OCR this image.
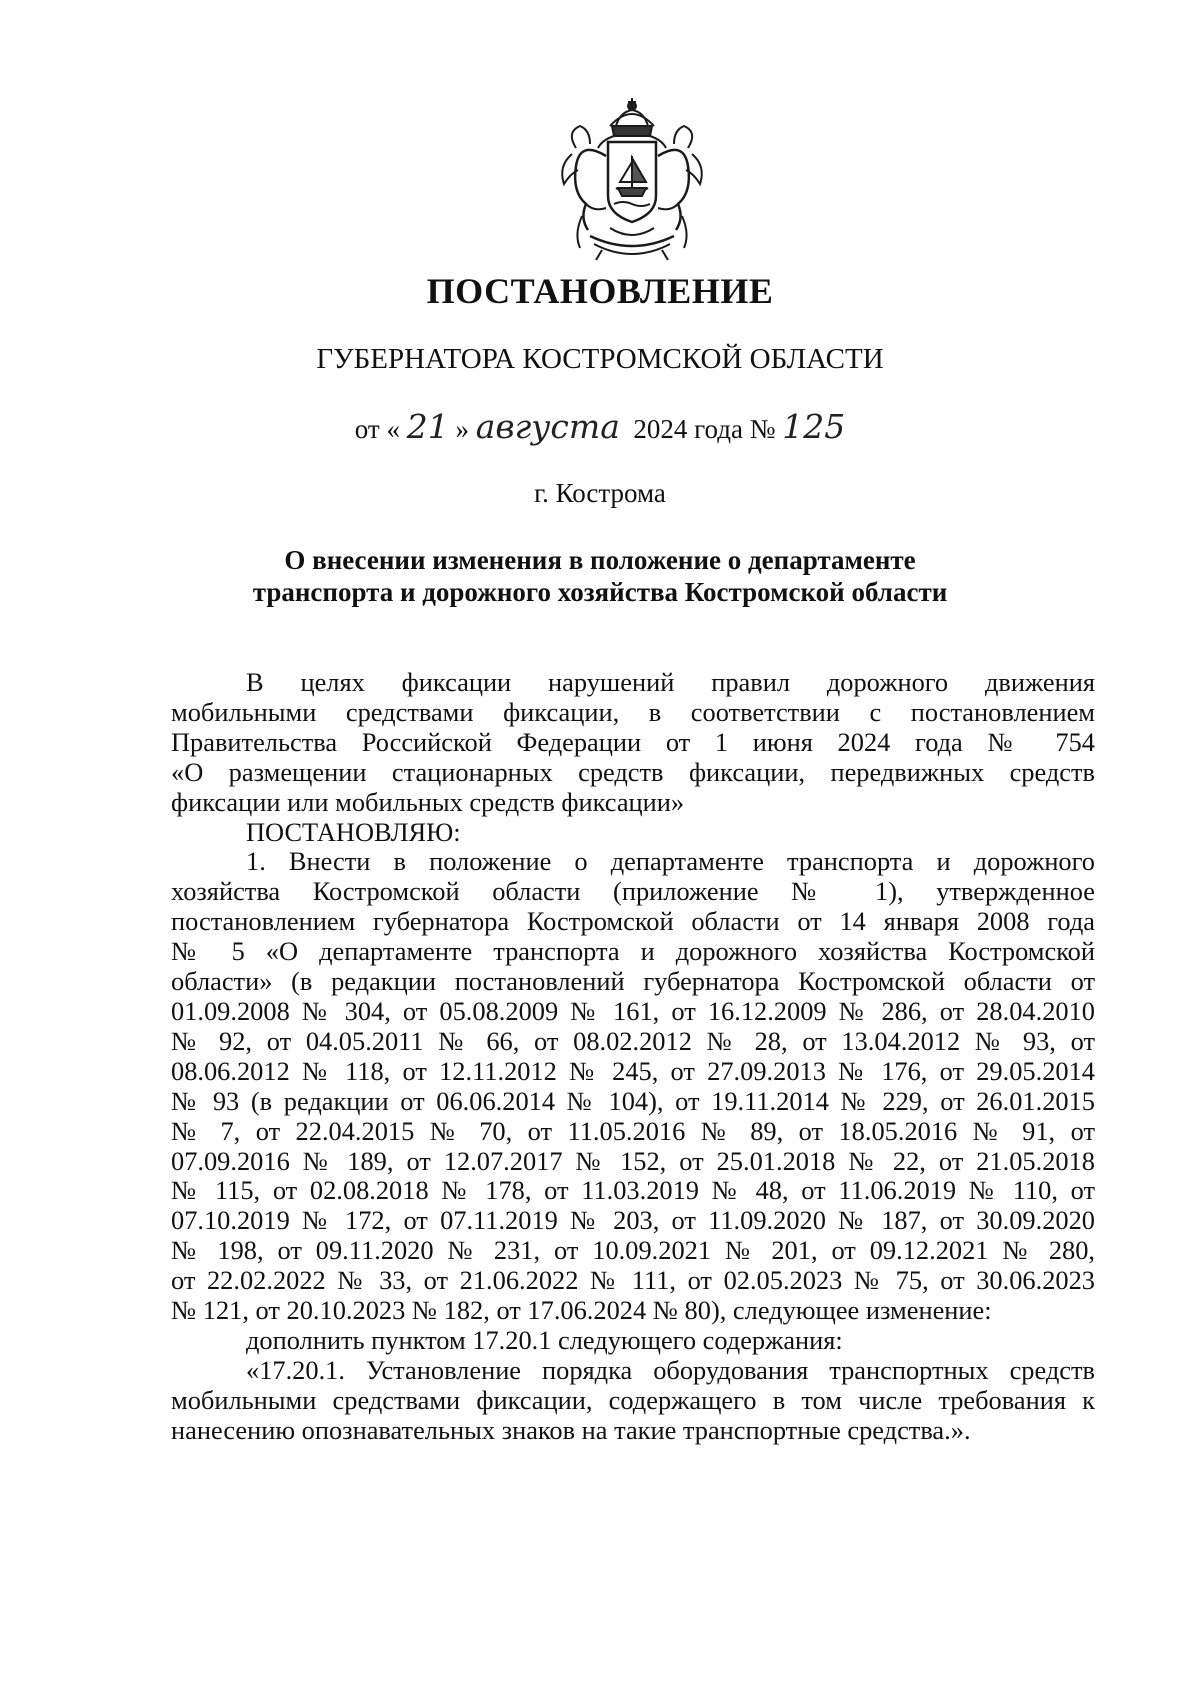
ПОСТАНОВЛЕНИЕ
ГУБЕРНАТОРА КОСТРОМСКОЙ ОБЛАСТИ
от « 21 » августа 2024 года № 125
г. Кострома
О внесении изменения в положение о департаменте
транспорта и дорожного хозяйства Костромской области

В целях фиксации нарушений правил дорожного движения

мобильными средствами фиксации, в соответствии с постановлением

Правительства Российской Федерации от 1 июня 2024 года № 754

«О размещении стационарных средств фиксации, передвижных средств

фиксации или мобильных средств фиксации»

ПОСТАНОВЛЯЮ:

1. Внести в положение о департаменте транспорта и дорожного

хозяйства Костромской области (приложение № 1), утвержденное

постановлением губернатора Костромской области от 14 января 2008 года

№ 5 «О департаменте транспорта и дорожного хозяйства Костромской

области» (в редакции постановлений губернатора Костромской области от

01.09.2008 № 304, от 05.08.2009 № 161, от 16.12.2009 № 286, от 28.04.2010

№ 92, от 04.05.2011 № 66, от 08.02.2012 № 28, от 13.04.2012 № 93, от

08.06.2012 № 118, от 12.11.2012 № 245, от 27.09.2013 № 176, от 29.05.2014

№ 93 (в редакции от 06.06.2014 № 104), от 19.11.2014 № 229, от 26.01.2015

№ 7, от 22.04.2015 № 70, от 11.05.2016 № 89, от 18.05.2016 № 91, от

07.09.2016 № 189, от 12.07.2017 № 152, от 25.01.2018 № 22, от 21.05.2018

№ 115, от 02.08.2018 № 178, от 11.03.2019 № 48, от 11.06.2019 № 110, от

07.10.2019 № 172, от 07.11.2019 № 203, от 11.09.2020 № 187, от 30.09.2020

№ 198, от 09.11.2020 № 231, от 10.09.2021 № 201, от 09.12.2021 № 280,

от 22.02.2022 № 33, от 21.06.2022 № 111, от 02.05.2023 № 75, от 30.06.2023

№ 121, от 20.10.2023 № 182, от 17.06.2024 № 80), следующее изменение:

дополнить пунктом 17.20.1 следующего содержания:

«17.20.1. Установление порядка оборудования транспортных средств

мобильными средствами фиксации, содержащего в том числе требования к

нанесению опознавательных знаков на такие транспортные средства.».
